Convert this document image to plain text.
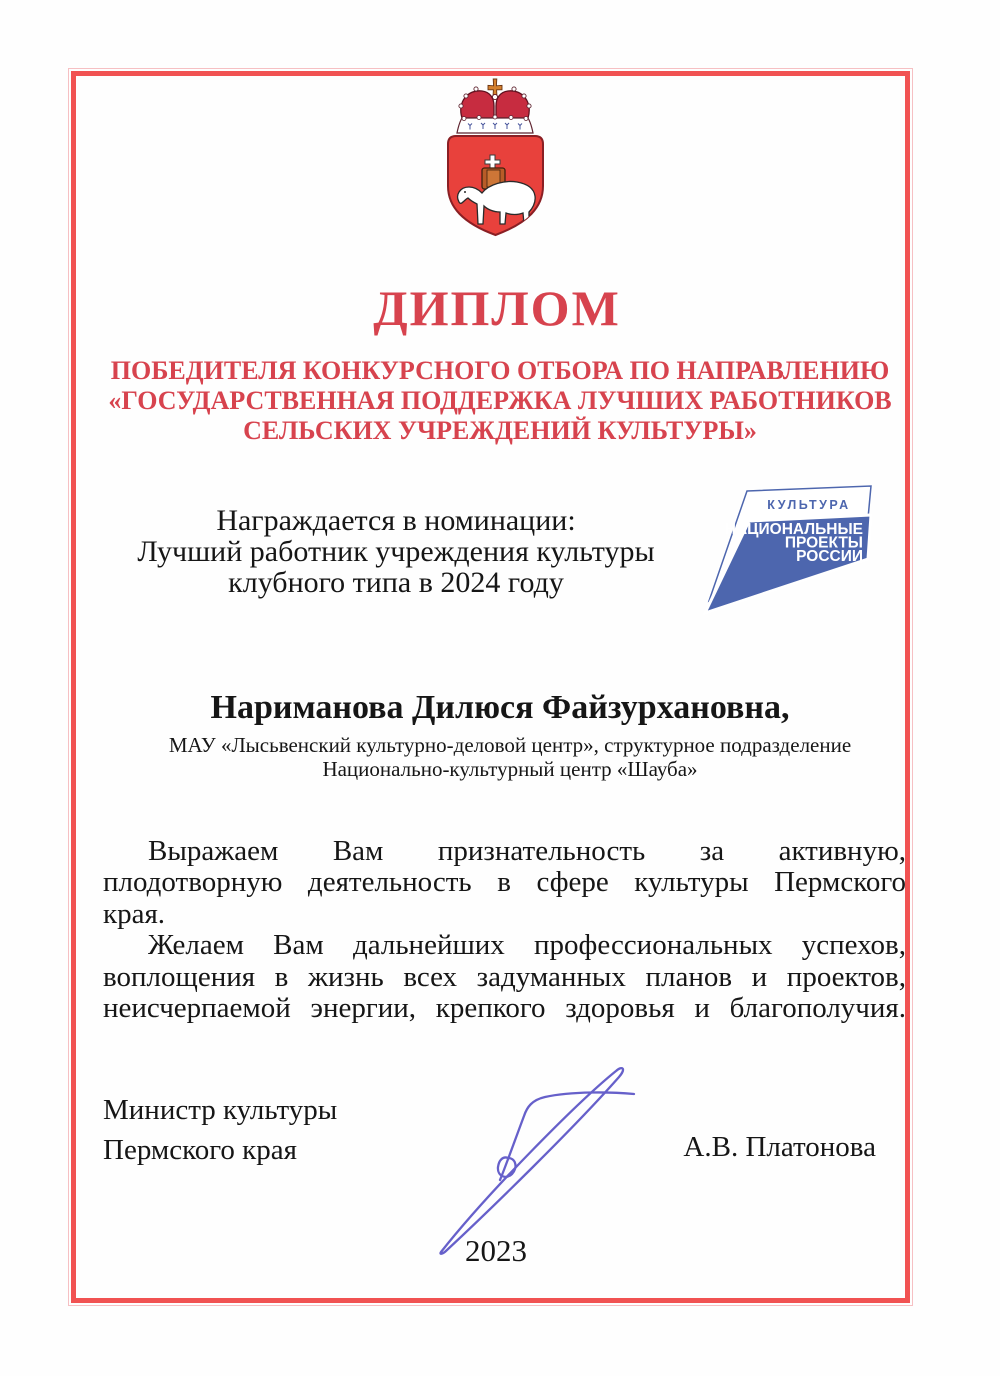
ДИПЛОМ
ПОБЕДИТЕЛЯ КОНКУРСНОГО ОТБОРА ПО НАПРАВЛЕНИЮ
«ГОСУДАРСТВЕННАЯ ПОДДЕРЖКА ЛУЧШИХ РАБОТНИКОВ
СЕЛЬСКИХ УЧРЕЖДЕНИЙ КУЛЬТУРЫ»
Награждается в номинации:
Лучший работник учреждения культуры
клубного типа в 2024 году
КУЛЬТУРА
НАЦИОНАЛЬНЫЕ
ПРОЕКТЫ
РОССИИ
Нариманова Дилюся Файзурхановна,
МАУ «Лысьвенский культурно-деловой центр», структурное подразделение
Национально-культурный центр «Шауба»
Выражаем Вам признательность за активную,
плодотворную деятельность в сфере культуры Пермского
края.
Желаем Вам дальнейших профессиональных успехов,
воплощения в жизнь всех задуманных планов и проектов,
неисчерпаемой энергии, крепкого здоровья и благополучия.
Министр культуры
Пермского края	А.В. Платонова
2023
